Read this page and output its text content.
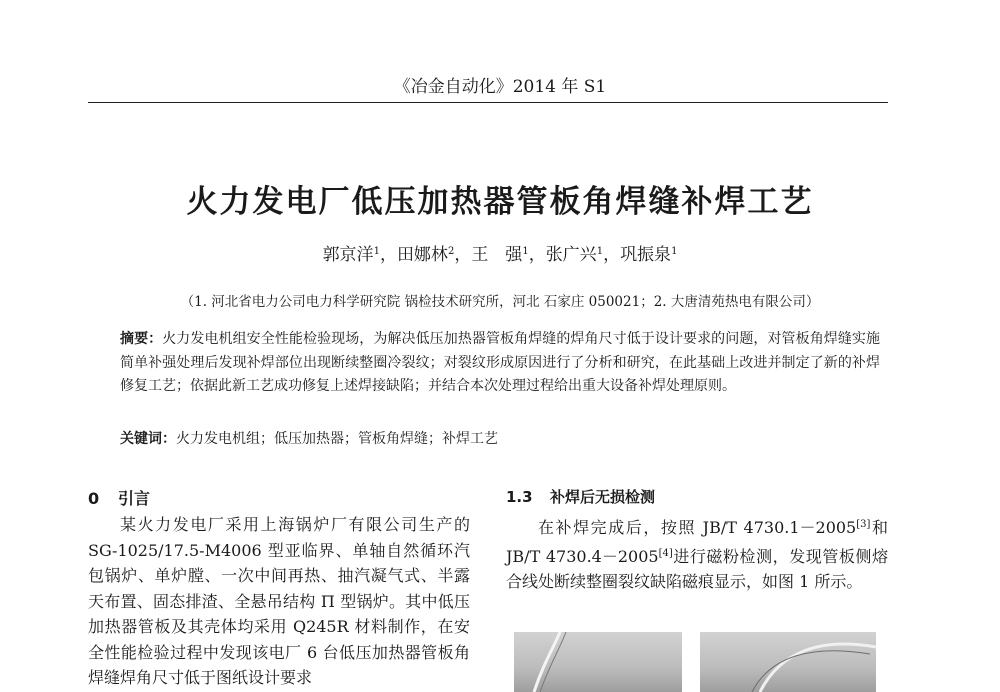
《冶金自动化》2014 年 S1
火力发电厂低压加热器管板角焊缝补焊工艺
郭京洋$^1$，田娜林$^2$，王　强$^1$，张广兴$^1$，巩振泉$^1$
（1. 河北省电力公司电力科学研究院 锅检技术研究所，河北 石家庄 050021；2. 大唐清苑热电有限公司）
摘要：火力发电机组安全性能检验现场，为解决低压加热器管板角焊缝的焊角尺寸低于设计要求的问题，对管板角焊缝实施简单补强处理后发现补焊部位出现断续整圈冷裂纹；对裂纹形成原因进行了分析和研究，在此基础上改进并制定了新的补焊修复工艺；依据此新工艺成功修复上述焊接缺陷；并结合本次处理过程给出重大设备补焊处理原则。
关键词：火力发电机组；低压加热器；管板角焊缝；补焊工艺
0 引言

某火力发电厂采用上海锅炉厂有限公司生产的 SG-1025/17.5-M4006 型亚临界、单轴自然循环汽包锅炉、单炉膛、一次中间再热、抽汽凝气式、半露天布置、固态排渣、全悬吊结构 Π 型锅炉。其中低压加热器管板及其壳体均采用 Q245R 材料制作，在安全性能检验过程中发现该电厂 6 台低压加热器管板角焊缝焊角尺寸低于图纸设计要求

1.3 补焊后无损检测

在补焊完成后，按照 JB/T 4730.1－2005[3]和 JB/T 4730.4－2005[4]进行磁粉检测，发现管板侧熔合线处断续整圈裂纹缺陷磁痕显示，如图 1 所示。
